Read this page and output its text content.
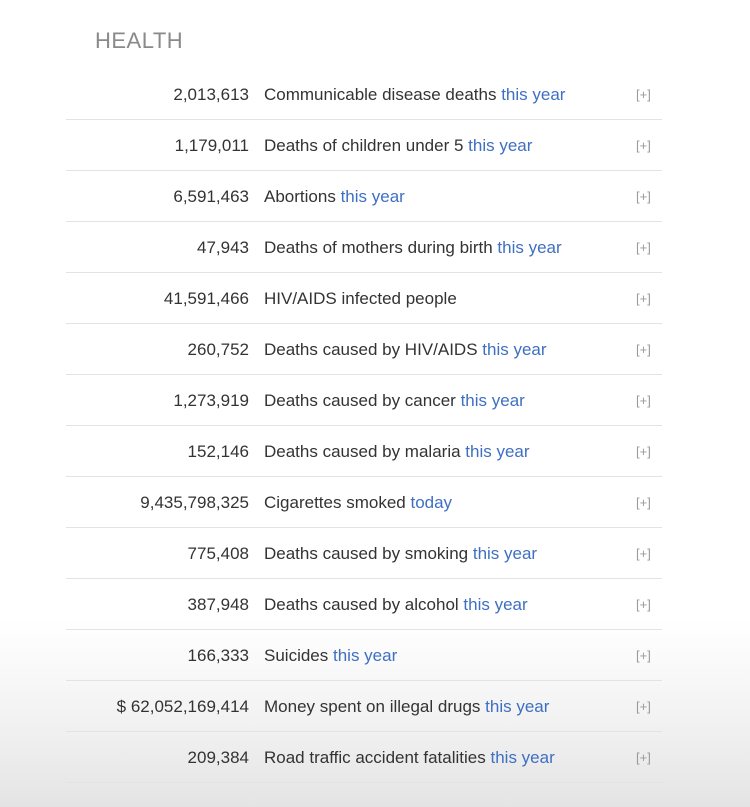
HEALTH
2,013,613 Communicable disease deaths this year	[+]
1,179,011 Deaths of children under 5 this year	[+]
6,591,463 Abortions this year	[+]
47,943 Deaths of mothers during birth this year	[+]
41,591,466 HIV/AIDS infected people	[+]
260,752 Deaths caused by HIV/AIDS this year	[+]
1,273,919 Deaths caused by cancer this year	[+]
152,146 Deaths caused by malaria this year	[+]
9,435,798,325 Cigarettes smoked today	[+]
775,408 Deaths caused by smoking this year	[+]
387,948 Deaths caused by alcohol this year	[+]
166,333 Suicides this year	[+]
$ 62,052,169,414 Money spent on illegal drugs this year	[+]
209,384 Road traffic accident fatalities this year	[+]
